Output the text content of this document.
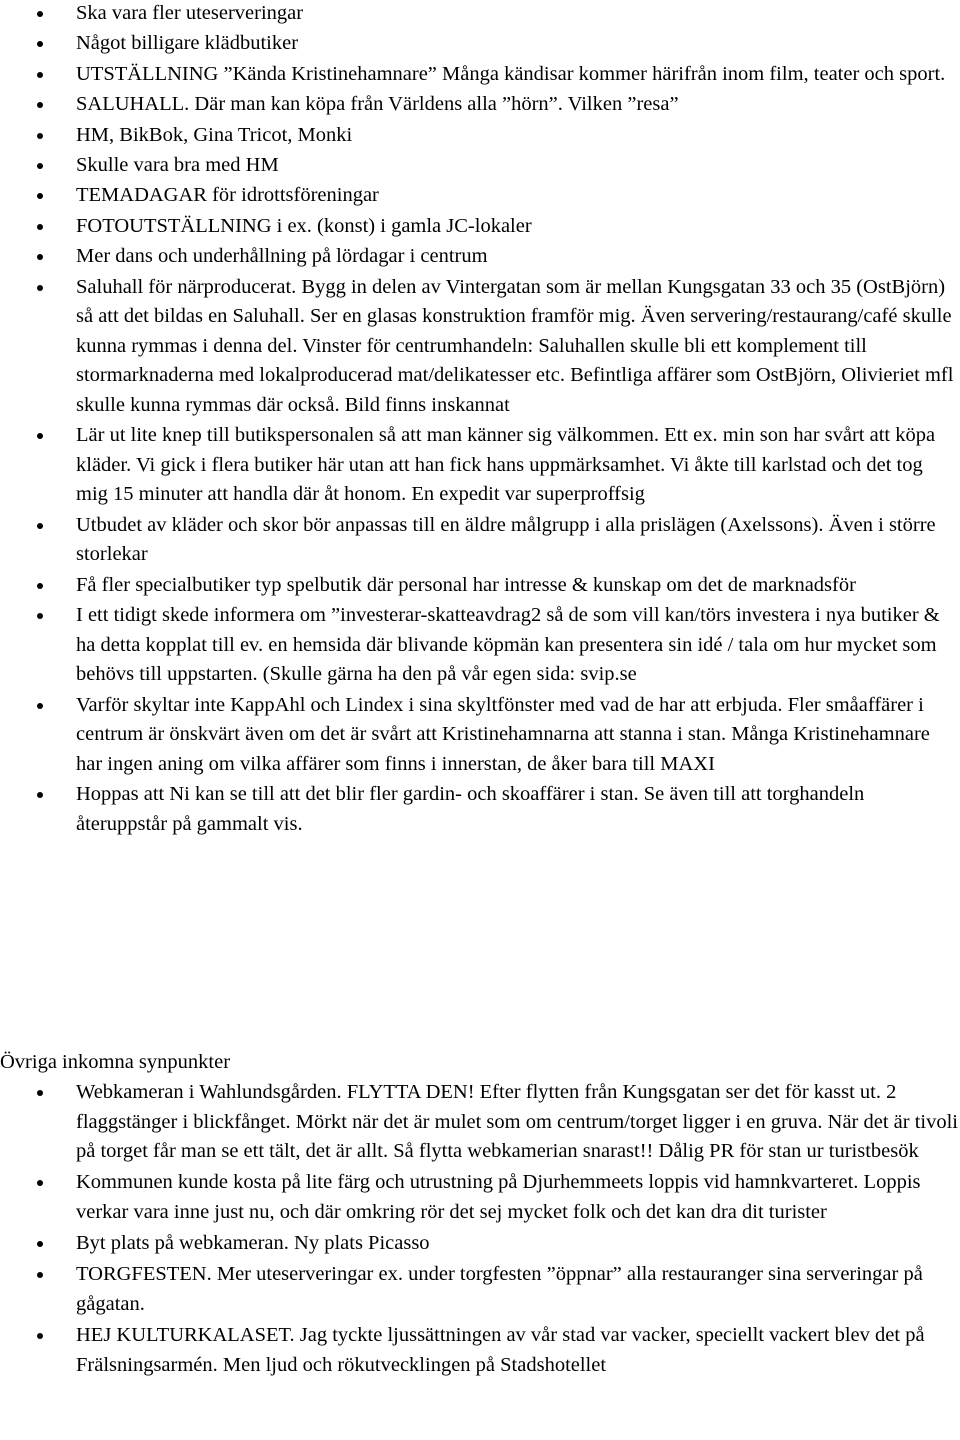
Ska vara fler uteserveringar
Något billigare klädbutiker
UTSTÄLLNING ”Kända Kristinehamnare” Många kändisar kommer härifrån inom film, teater och sport.
SALUHALL. Där man kan köpa från Världens alla ”hörn”. Vilken ”resa”
HM, BikBok, Gina Tricot, Monki
Skulle vara bra med HM
TEMADAGAR för idrottsföreningar
FOTOUTSTÄLLNING i ex. (konst) i gamla JC-lokaler
Mer dans och underhållning på lördagar i centrum
Saluhall för närproducerat. Bygg in delen av Vintergatan som är mellan Kungsgatan 33 och 35 (OstBjörn) så att det bildas en Saluhall. Ser en glasas konstruktion framför mig. Även servering/restaurang/café skulle kunna rymmas i denna del. Vinster för centrumhandeln: Saluhallen skulle bli ett komplement till stormarknaderna med lokalproducerad mat/delikatesser etc. Befintliga affärer som OstBjörn, Olivieriet mfl skulle kunna rymmas där också. Bild finns inskannat
Lär ut lite knep till butikspersonalen så att man känner sig välkommen. Ett ex. min son har svårt att köpa kläder. Vi gick i flera butiker här utan att han fick hans uppmärksamhet. Vi åkte till karlstad och det tog mig 15 minuter att handla där åt honom. En expedit var superproffsig
Utbudet av kläder och skor bör anpassas till en äldre målgrupp i alla prislägen (Axelssons). Även i större storlekar
Få fler specialbutiker typ spelbutik där personal har intresse & kunskap om det de marknadsför
I ett tidigt skede informera om ”investerar-skatteavdrag2 så de som vill kan/törs investera i nya butiker & ha detta kopplat till ev. en hemsida där blivande köpmän kan presentera sin idé / tala om hur mycket som behövs till uppstarten. (Skulle gärna ha den på vår egen sida: svip.se
Varför skyltar inte KappAhl och Lindex i sina skyltfönster med vad de har att erbjuda. Fler småaffärer i centrum är önskvärt även om det är svårt att Kristinehamnarna att stanna i stan. Många Kristinehamnare har ingen aning om vilka affärer som finns i innerstan, de åker bara till MAXI
Hoppas att Ni kan se till att det blir fler gardin- och skoaffärer i stan. Se även till att torghandeln återuppstår på gammalt vis.
Övriga inkomna synpunkter
Webkameran i Wahlundsgården. FLYTTA DEN! Efter flytten från Kungsgatan ser det för kasst ut. 2 flaggstänger i blickfånget. Mörkt när det är mulet som om centrum/torget ligger i en gruva. När det är tivoli på torget får man se ett tält, det är allt. Så flytta webkamerian snarast!! Dålig PR för stan ur turistbesök
Kommunen kunde kosta på lite färg och utrustning på Djurhemmeets loppis vid hamnkvarteret. Loppis verkar vara inne just nu, och där omkring rör det sej mycket folk och det kan dra dit turister
Byt plats på webkameran. Ny plats Picasso
TORGFESTEN. Mer uteserveringar ex. under torgfesten ”öppnar” alla restauranger sina serveringar på gågatan.
HEJ KULTURKALASET. Jag tyckte ljussättningen av vår stad var vacker, speciellt vackert blev det på Frälsningsarmén. Men ljud och rökutvecklingen på Stadshotellet
